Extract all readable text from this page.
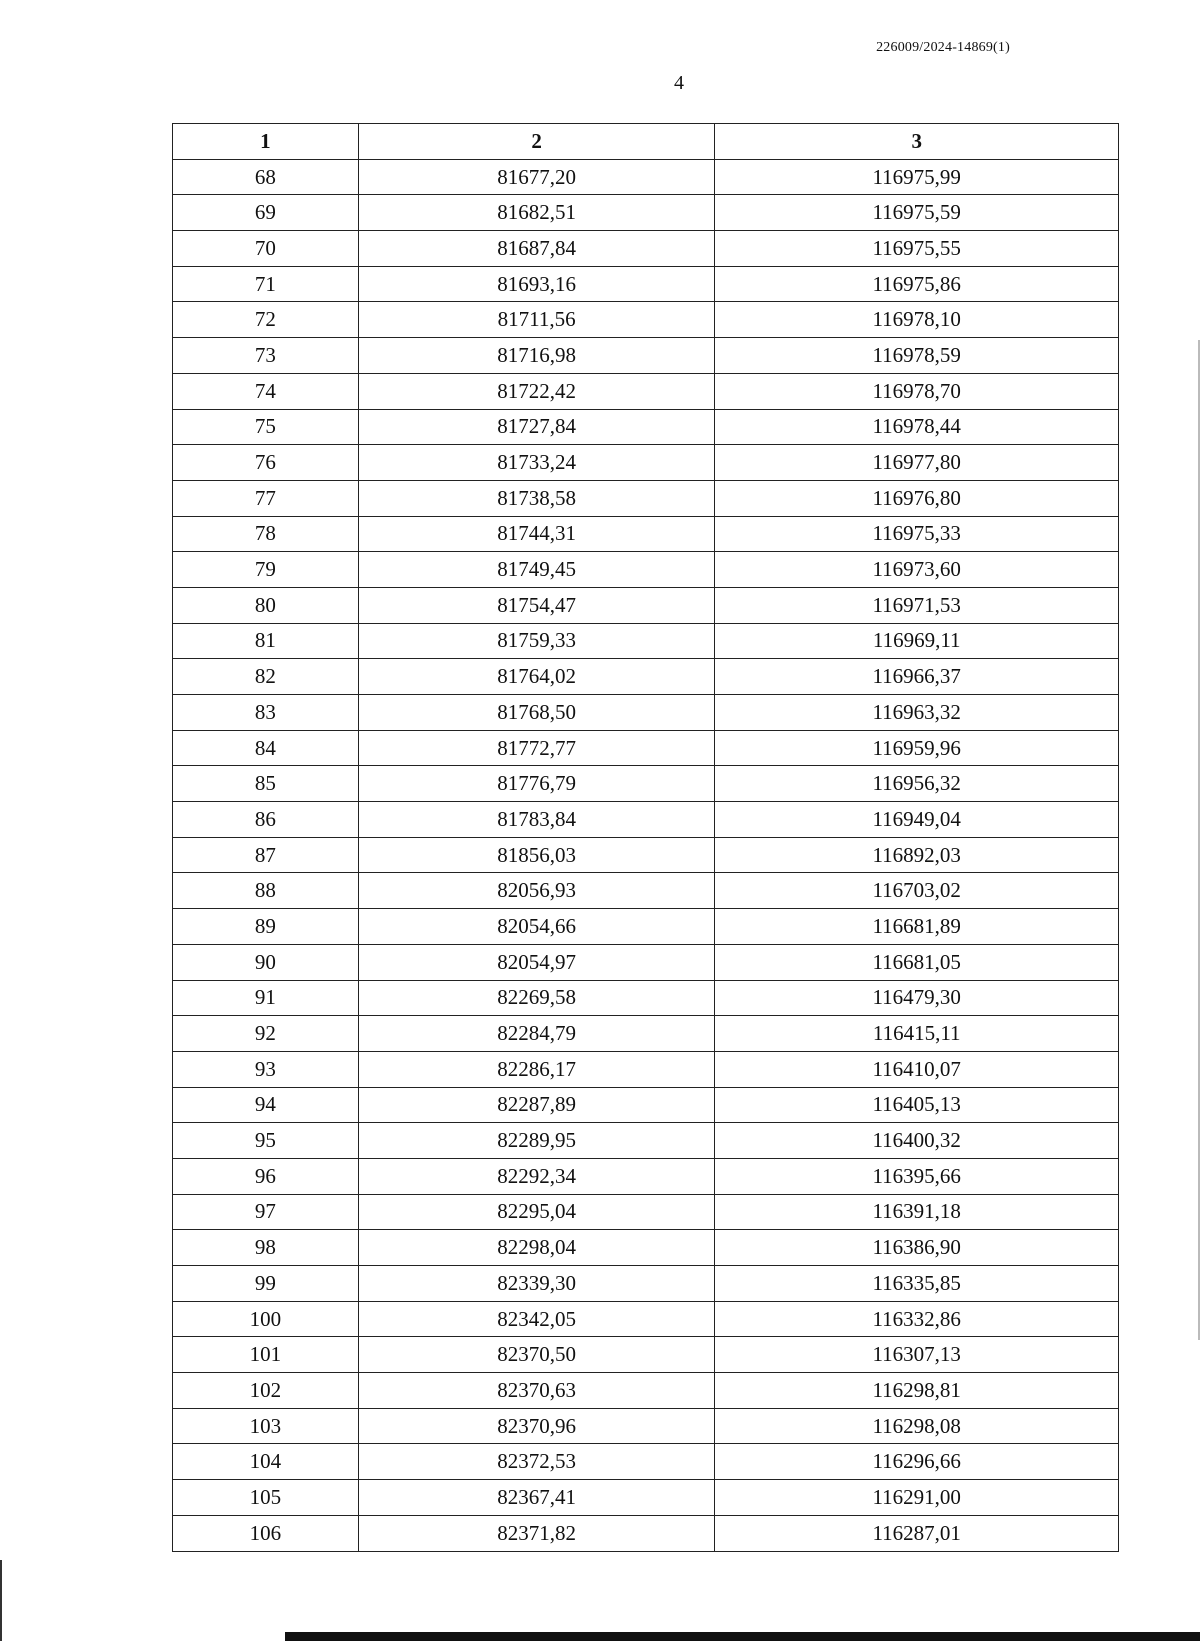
226009/2024-14869(1)
4
1	2	3
68	81677,20	116975,99
69	81682,51	116975,59
70	81687,84	116975,55
71	81693,16	116975,86
72	81711,56	116978,10
73	81716,98	116978,59
74	81722,42	116978,70
75	81727,84	116978,44
76	81733,24	116977,80
77	81738,58	116976,80
78	81744,31	116975,33
79	81749,45	116973,60
80	81754,47	116971,53
81	81759,33	116969,11
82	81764,02	116966,37
83	81768,50	116963,32
84	81772,77	116959,96
85	81776,79	116956,32
86	81783,84	116949,04
87	81856,03	116892,03
88	82056,93	116703,02
89	82054,66	116681,89
90	82054,97	116681,05
91	82269,58	116479,30
92	82284,79	116415,11
93	82286,17	116410,07
94	82287,89	116405,13
95	82289,95	116400,32
96	82292,34	116395,66
97	82295,04	116391,18
98	82298,04	116386,90
99	82339,30	116335,85
100	82342,05	116332,86
101	82370,50	116307,13
102	82370,63	116298,81
103	82370,96	116298,08
104	82372,53	116296,66
105	82367,41	116291,00
106	82371,82	116287,01
